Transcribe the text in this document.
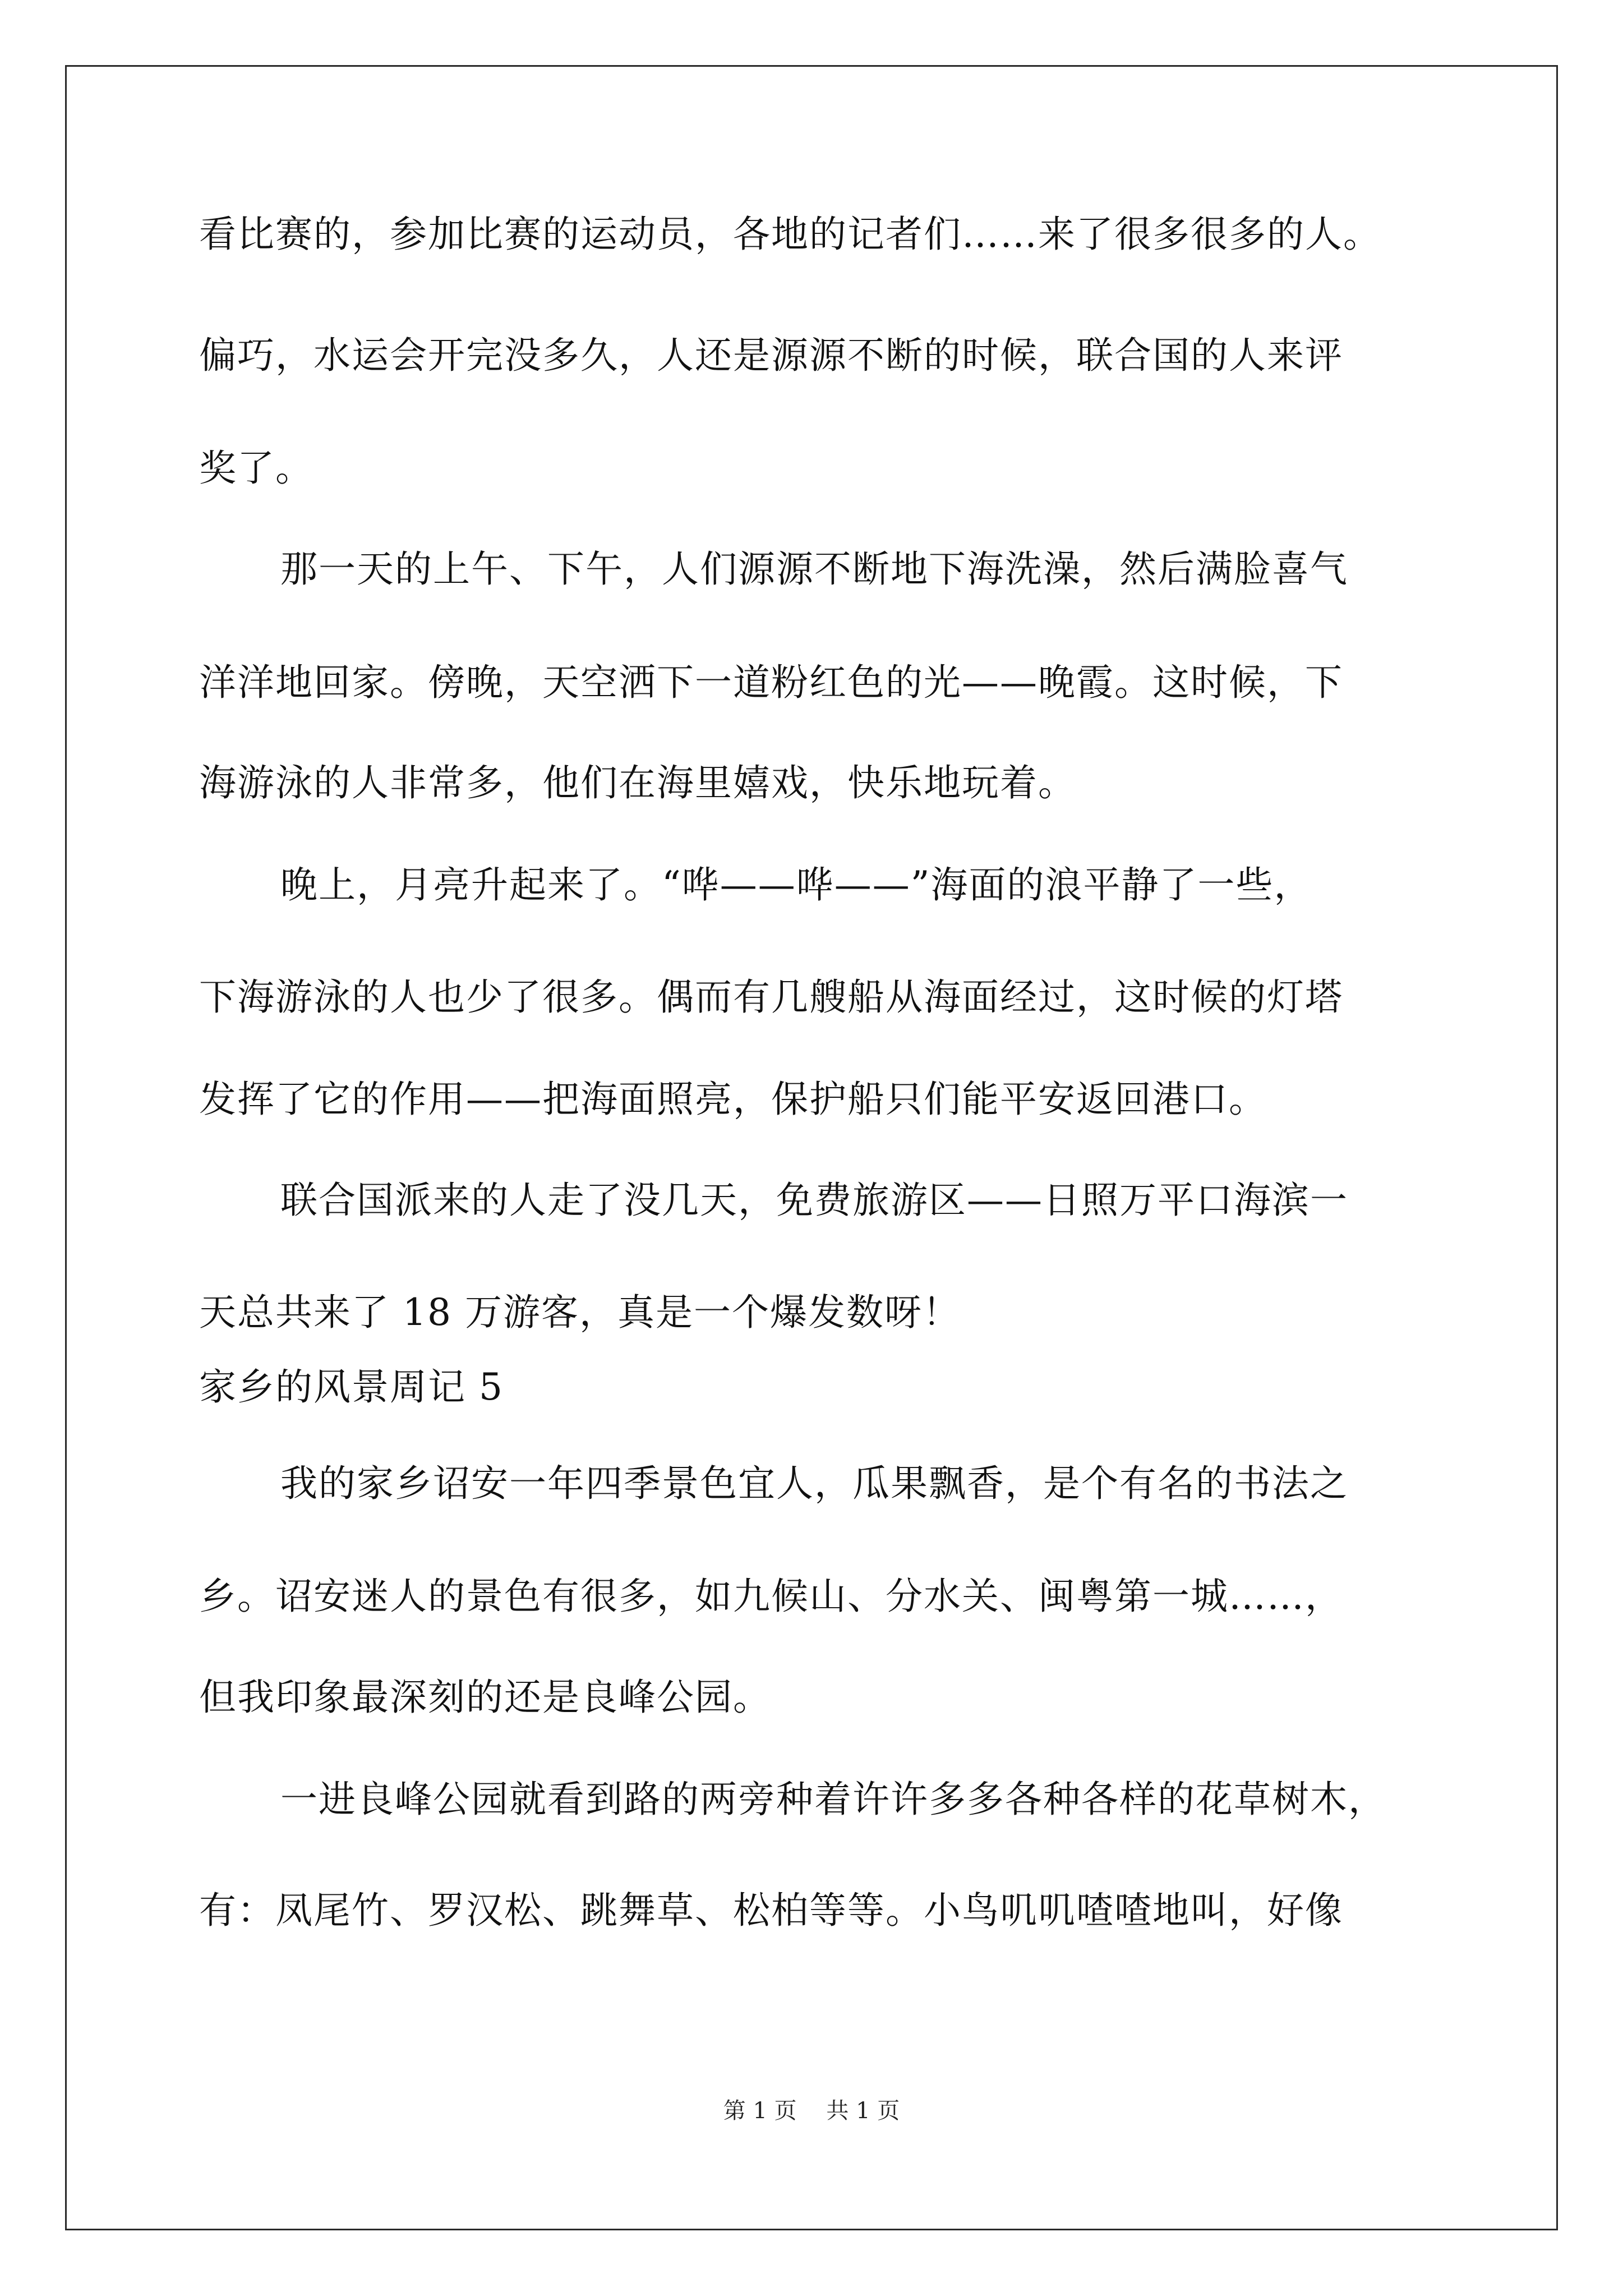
看比赛的，参加比赛的运动员，各地的记者们……来了很多很多的人。
偏巧，水运会开完没多久，人还是源源不断的时候，联合国的人来评
奖了。
那一天的上午、下午，人们源源不断地下海洗澡，然后满脸喜气
洋洋地回家。傍晚，天空洒下一道粉红色的光——晚霞。这时候，下
海游泳的人非常多，他们在海里嬉戏，快乐地玩着。
晚上，月亮升起来了。“哗——哗——”海面的浪平静了一些，
下海游泳的人也少了很多。偶而有几艘船从海面经过，这时候的灯塔
发挥了它的作用——把海面照亮，保护船只们能平安返回港口。
联合国派来的人走了没几天，免费旅游区——日照万平口海滨一
天总共来了 18 万游客，真是一个爆发数呀！
家乡的风景周记 5
我的家乡诏安一年四季景色宜人，瓜果飘香，是个有名的书法之
乡。诏安迷人的景色有很多，如九候山、分水关、闽粤第一城……，
但我印象最深刻的还是良峰公园。
一进良峰公园就看到路的两旁种着许许多多各种各样的花草树木，
有：凤尾竹、罗汉松、跳舞草、松柏等等。小鸟叽叽喳喳地叫，好像
第 1 页 共 1 页
